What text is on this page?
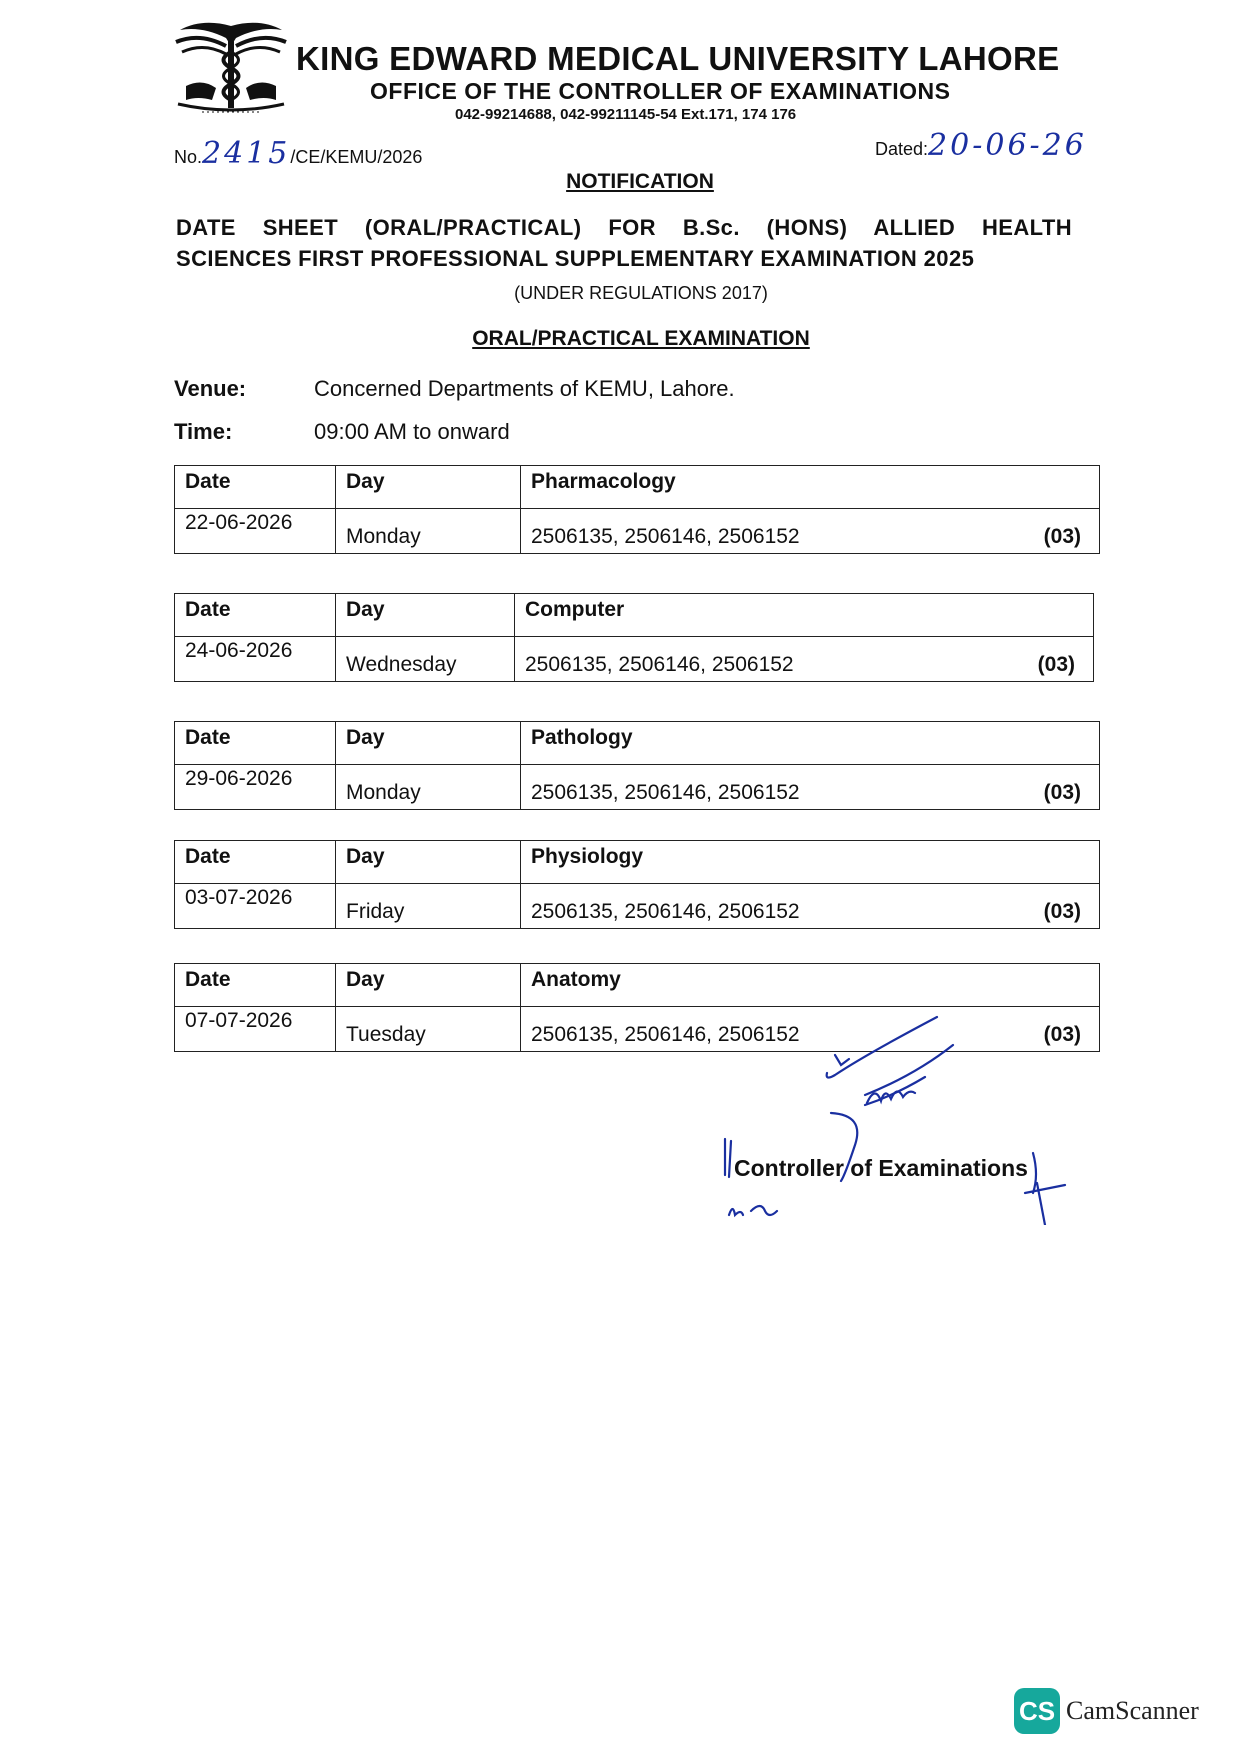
KING EDWARD MEDICAL UNIVERSITY LAHORE
OFFICE OF THE CONTROLLER OF EXAMINATIONS
042-99214688, 042-99211145-54 Ext.171, 174 176
No.2415/CE/KEMU/2026	Dated:20-06-26
NOTIFICATION
DATE SHEET (ORAL/PRACTICAL) FOR B.Sc. (HONS) ALLIED HEALTH
SCIENCES FIRST PROFESSIONAL SUPPLEMENTARY EXAMINATION 2025
(UNDER REGULATIONS 2017)
ORAL/PRACTICAL EXAMINATION
Venue:	Concerned Departments of KEMU, Lahore.
Time:	09:00 AM to onward
Date	Day	Pharmacology
22-06-2026	Monday	2506135, 2506146, 2506152 (03)
Date	Day	Computer
24-06-2026	Wednesday	2506135, 2506146, 2506152 (03)
Date	Day	Pathology
29-06-2026	Monday	2506135, 2506146, 2506152 (03)
Date	Day	Physiology
03-07-2026	Friday	2506135, 2506146, 2506152 (03)
Date	Day	Anatomy
07-07-2026	Tuesday	2506135, 2506146, 2506152 (03)
Controller of Examinations
CS CamScanner
